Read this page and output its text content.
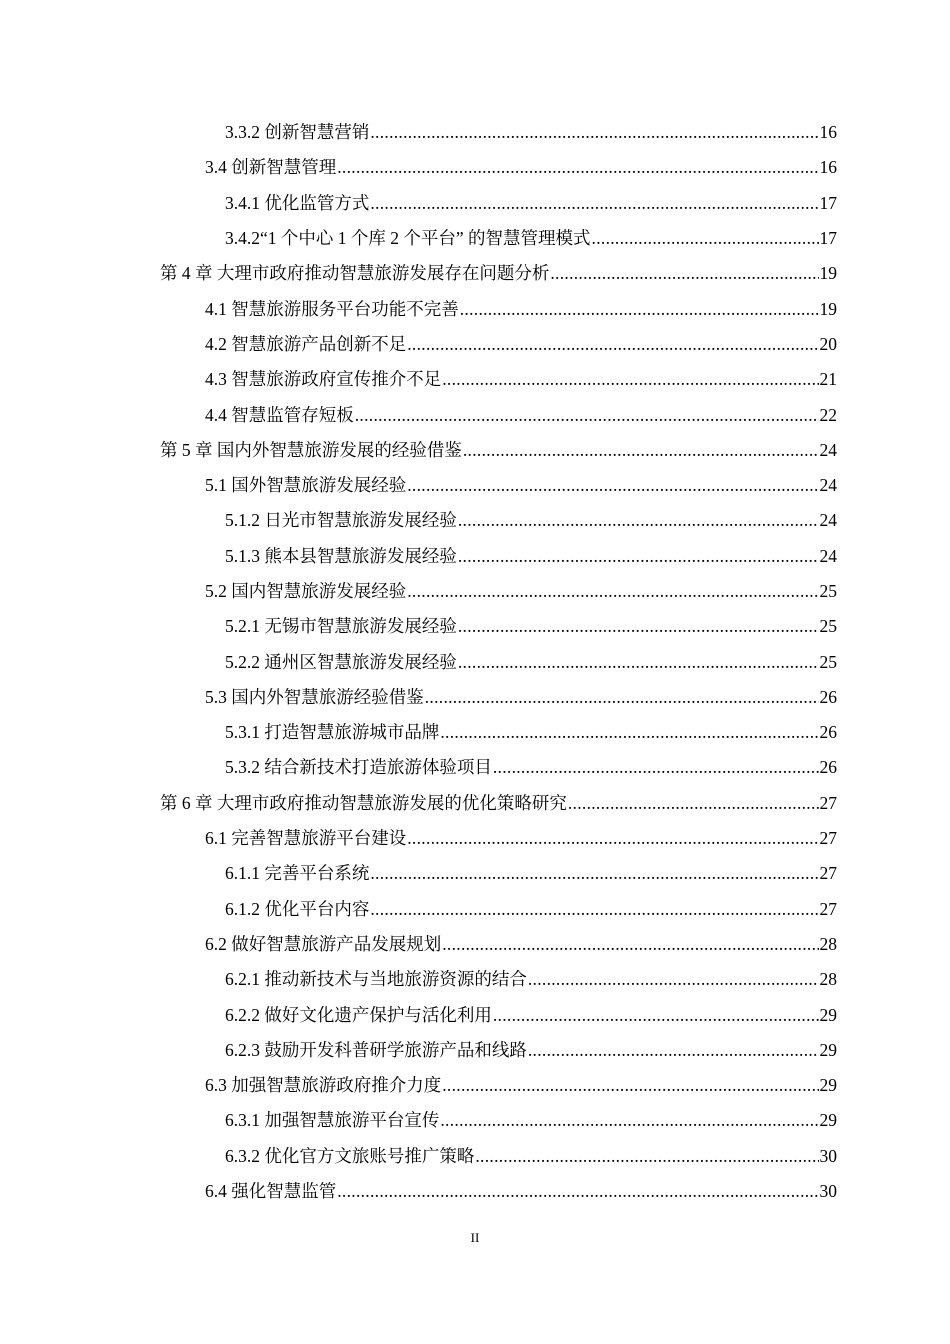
3.3.2 创新智慧营销 .....	16
3.4 创新智慧管理 .....	16
3.4.1 优化监管方式 .....	17
3.4.2“1 个中心 1 个库 2 个平台” 的智慧管理模式 .....	17
第 4 章 大理市政府推动智慧旅游发展存在问题分析 .....	19
4.1 智慧旅游服务平台功能不完善 .....	19
4.2 智慧旅游产品创新不足 .....	20
4.3 智慧旅游政府宣传推介不足 .....	21
4.4 智慧监管存短板 .....	22
第 5 章 国内外智慧旅游发展的经验借鉴 .....	24
5.1 国外智慧旅游发展经验 .....	24
5.1.2 日光市智慧旅游发展经验 .....	24
5.1.3 熊本县智慧旅游发展经验 .....	24
5.2 国内智慧旅游发展经验 .....	25
5.2.1 无锡市智慧旅游发展经验 .....	25
5.2.2 通州区智慧旅游发展经验 .....	25
5.3 国内外智慧旅游经验借鉴 .....	26
5.3.1 打造智慧旅游城市品牌 .....	26
5.3.2 结合新技术打造旅游体验项目 .....	26
第 6 章 大理市政府推动智慧旅游发展的优化策略研究 .....	27
6.1 完善智慧旅游平台建设 .....	27
6.1.1 完善平台系统 .....	27
6.1.2 优化平台内容 .....	27
6.2 做好智慧旅游产品发展规划 .....	28
6.2.1 推动新技术与当地旅游资源的结合 .....	28
6.2.2 做好文化遗产保护与活化利用 .....	29
6.2.3 鼓励开发科普研学旅游产品和线路 .....	29
6.3 加强智慧旅游政府推介力度 .....	29
6.3.1 加强智慧旅游平台宣传 .....	29
6.3.2 优化官方文旅账号推广策略 .....	30
6.4 强化智慧监管 .....	30
II
